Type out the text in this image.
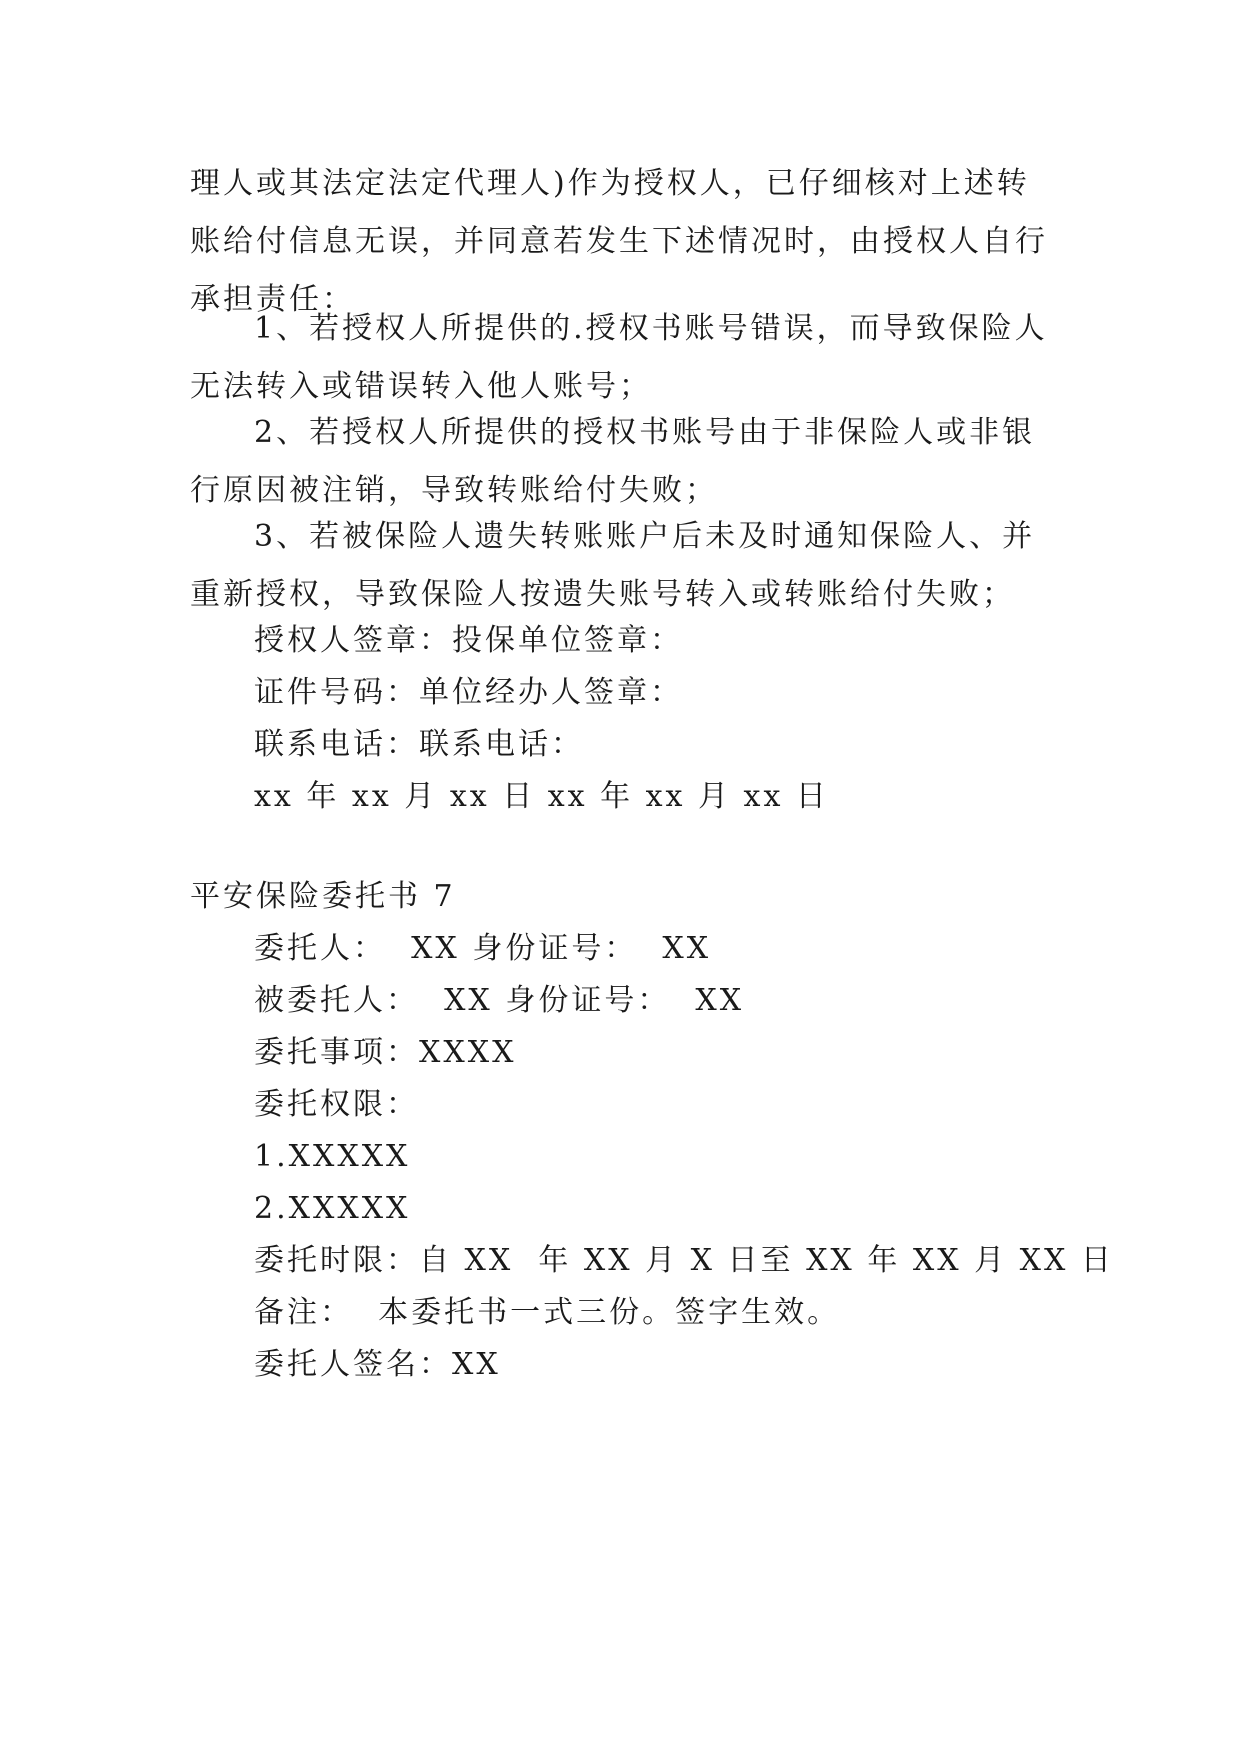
理人或其法定法定代理人)作为授权人，已仔细核对上述转账给付信息无误，并同意若发生下述情况时，由授权人自行承担责任：
1、若授权人所提供的.授权书账号错误，而导致保险人无法转入或错误转入他人账号；
2、若授权人所提供的授权书账号由于非保险人或非银行原因被注销，导致转账给付失败；
3、若被保险人遗失转账账户后未及时通知保险人、并重新授权，导致保险人按遗失账号转入或转账给付失败；
授权人签章：投保单位签章：
证件号码：单位经办人签章：
联系电话：联系电话：
xx 年 xx 月 xx 日 xx 年 xx 月 xx 日
平安保险委托书 7
委托人：  XX 身份证号：  XX
被委托人：  XX 身份证号：  XX
委托事项：XXXX
委托权限：
1.XXXXX
2.XXXXX
委托时限：自 XX  年 XX 月 X 日至 XX 年 XX 月 XX 日
备注：  本委托书一式三份。签字生效。
委托人签名：XX
